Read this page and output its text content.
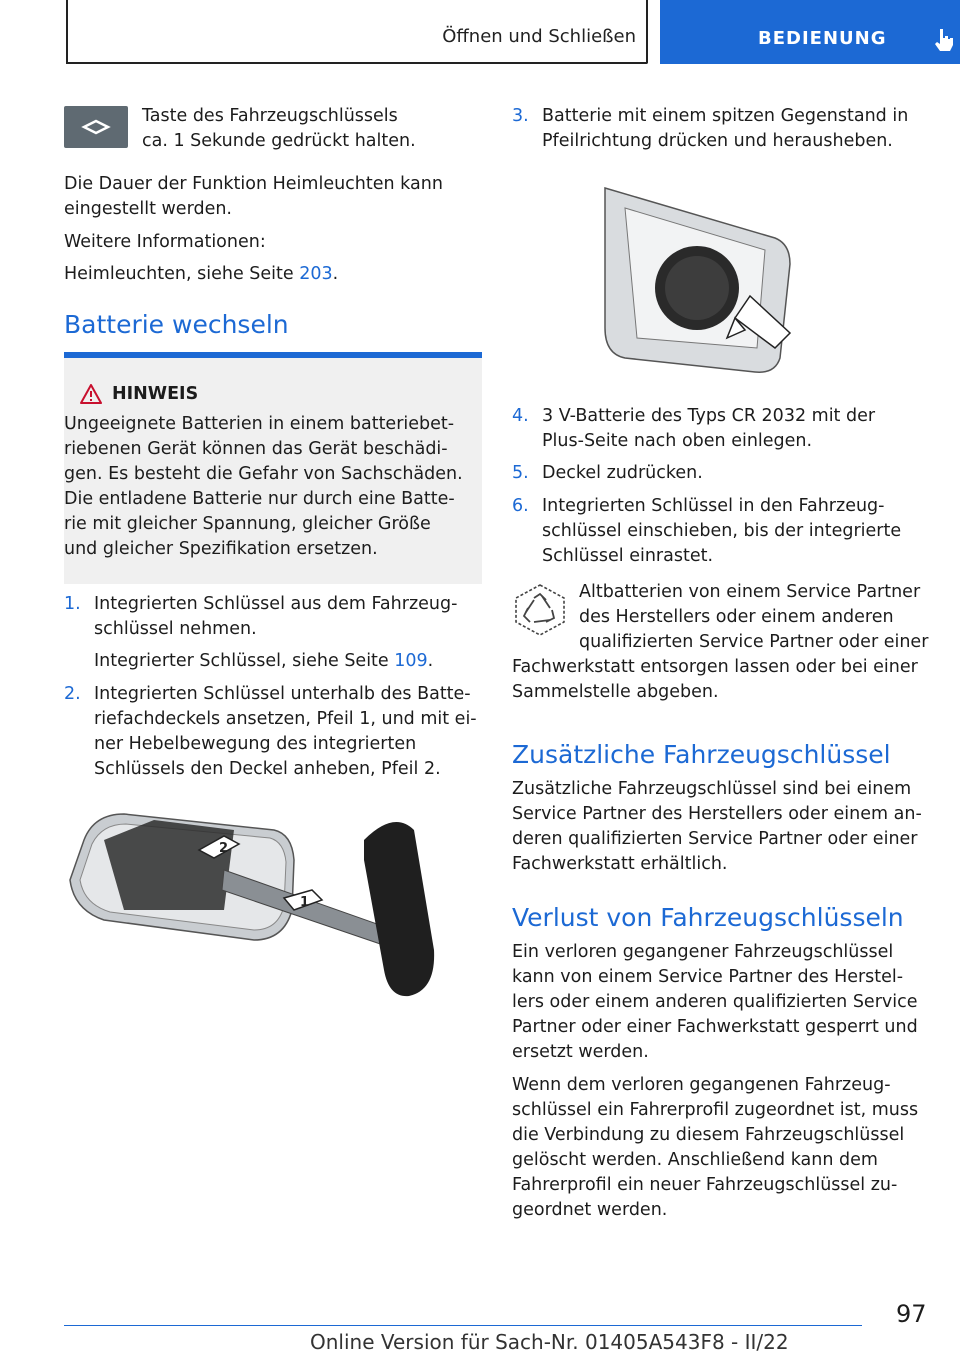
Öffnen und Schließen	BEDIENUNG
Taste des Fahrzeugschlüssels
ca. 1 Sekunde gedrückt halten.
Die Dauer der Funktion Heimleuchten kann
eingestellt werden.
Weitere Informationen:
Heimleuchten, siehe Seite 203.
Batterie wechseln
HINWEIS
Ungeeignete Batterien in einem batteriebet-
riebenen Gerät können das Gerät beschädi-
gen. Es besteht die Gefahr von Sachschäden.
Die entladene Batterie nur durch eine Batte-
rie mit gleicher Spannung, gleicher Größe
und gleicher Spezifikation ersetzen.
1. Integrierten Schlüssel aus dem Fahrzeug-
schlüssel nehmen.
Integrierter Schlüssel, siehe Seite 109.
2. Integrierten Schlüssel unterhalb des Batte-
riefachdeckels ansetzen, Pfeil 1, und mit ei-
ner Hebelbewegung des integrierten
Schlüssels den Deckel anheben, Pfeil 2.
2
1
3. Batterie mit einem spitzen Gegenstand in
Pfeilrichtung drücken und herausheben.
4. 3 V-Batterie des Typs CR 2032 mit der
Plus-Seite nach oben einlegen.
5. Deckel zudrücken.
6. Integrierten Schlüssel in den Fahrzeug-
schlüssel einschieben, bis der integrierte
Schlüssel einrastet.
Altbatterien von einem Service Partner
des Herstellers oder einem anderen
qualifizierten Service Partner oder einer
Fachwerkstatt entsorgen lassen oder bei einer
Sammelstelle abgeben.
Zusätzliche Fahrzeugschlüssel
Zusätzliche Fahrzeugschlüssel sind bei einem
Service Partner des Herstellers oder einem an-
deren qualifizierten Service Partner oder einer
Fachwerkstatt erhältlich.
Verlust von Fahrzeugschlüsseln
Ein verloren gegangener Fahrzeugschlüssel
kann von einem Service Partner des Herstel-
lers oder einem anderen qualifizierten Service
Partner oder einer Fachwerkstatt gesperrt und
ersetzt werden.
Wenn dem verloren gegangenen Fahrzeug-
schlüssel ein Fahrerprofil zugeordnet ist, muss
die Verbindung zu diesem Fahrzeugschlüssel
gelöscht werden. Anschließend kann dem
Fahrerprofil ein neuer Fahrzeugschlüssel zu-
geordnet werden.
97
Online Version für Sach-Nr. 01405A543F8 - II/22
